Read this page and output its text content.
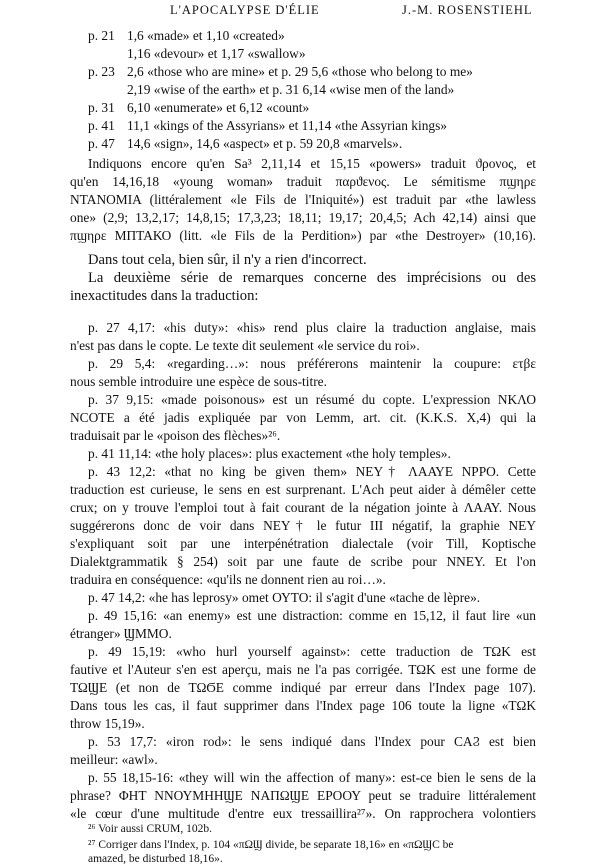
L'APOCALYPSE D'ÉLIE	J.-M. ROSENSTIEHL
p. 21 1,6 «made» et 1,10 «created»
1,16 «devour» et 1,17 «swallow»
p. 23 2,6 «those who are mine» et p. 29 5,6 «those who belong to me»
2,19 «wise of the earth» et p. 31 6,14 «wise men of the land»
p. 31 6,10 «enumerate» et 6,12 «count»
p. 41 11,1 «kings of the Assyrians» et 11,14 «the Assyrian kings»
p. 47 14,6 «sign», 14,6 «aspect» et p. 59 20,8 «marvels».
Indiquons encore qu'en Sa³ 2,11,14 et 15,15 «powers» traduit ϑρονος, et
qu'en 14,16,18 «young woman» traduit παρϑενος. Le sémitisme πϣηρε
ΝΤΑΝΟΜΙΑ (littéralement «le Fils de l'Iniquité») est traduit par «the lawless
one» (2,9; 13,2,17; 14,8,15; 17,3,23; 18,11; 19,17; 20,4,5; Ach 42,14) ainsi que
πϣηρε ΜΠΤΑΚΟ (litt. «le Fils de la Perdition») par «the Destroyer» (10,16).
Dans tout cela, bien sûr, il n'y a rien d'incorrect.
La deuxième série de remarques concerne des imprécisions ou des
inexactitudes dans la traduction:
p. 27 4,17: «his duty»: «his» rend plus claire la traduction anglaise, mais
n'est pas dans le copte. Le texte dit seulement «le service du roi».
p. 29 5,4: «regarding…»: nous préférerons maintenir la coupure: ετβε
nous semble introduire une espèce de sous-titre.
p. 37 9,15: «made poisonous» est un résumé du copte. L'expression ΝΚΛΟ
ΝCΟΤΕ a été jadis expliquée par von Lemm, art. cit. (K.K.S. X,4) qui la
traduisait par le «poison des flèches»²⁶.
p. 41 11,14: «the holy places»: plus exactement «the holy temples».
p. 43 12,2: «that no king be given them» ΝΕΥ† ΛΑΑΥΕ ΝΡΡΟ. Cette
traduction est curieuse, le sens en est surprenant. L'Ach peut aider à démêler cette
crux; on y trouve l'emploi tout à fait courant de la négation jointe à ΛΑΑΥ. Nous
suggérerons donc de voir dans ΝΕΥ† le futur III négatif, la graphie ΝΕΥ
s'expliquant soit par une interpénétration dialectale (voir Till, Koptische
Dialektgrammatik § 254) soit par une faute de scribe pour ΝΝΕΥ. Et l'on
traduira en conséquence: «qu'ils ne donnent rien au roi…».
p. 47 14,2: «he has leprosy» omet ΟΥΤΟ: il s'agit d'une «tache de lèpre».
p. 49 15,16: «an enemy» est une distraction: comme en 15,12, il faut lire «un
étranger» ϢΜΜΟ.
p. 49 15,19: «who hurl yourself against»: cette traduction de ΤΩΚ est
fautive et l'Auteur s'en est aperçu, mais ne l'a pas corrigée. ΤΩΚ est une forme de
ΤΩϢΕ (et non de ΤΩϬΕ comme indiqué par erreur dans l'Index page 107).
Dans tous les cas, il faut supprimer dans l'Index page 106 toute la ligne «ΤΩΚ
throw 15,19».
p. 53 17,7: «iron rod»: le sens indiqué dans l'Index pour CΑϨ est bien
meilleur: «awl».
p. 55 18,15-16: «they will win the affection of many»: est-ce bien le sens de la
phrase? ΦΗΤ ΝΝΟΥΜΗΗϢΕ ΝΑΠΩϢΕ ΕΡΟΟΥ peut se traduire littéralement
«le cœur d'une multitude d'entre eux tressaillira²⁷». On rapprochera volontiers
²⁶ Voir aussi CRUM, 102b.
²⁷ Corriger dans l'Index, p. 104 «πΩϢ divide, be separate 18,16» en «πΩϢϹ be
amazed, be disturbed 18,16».
